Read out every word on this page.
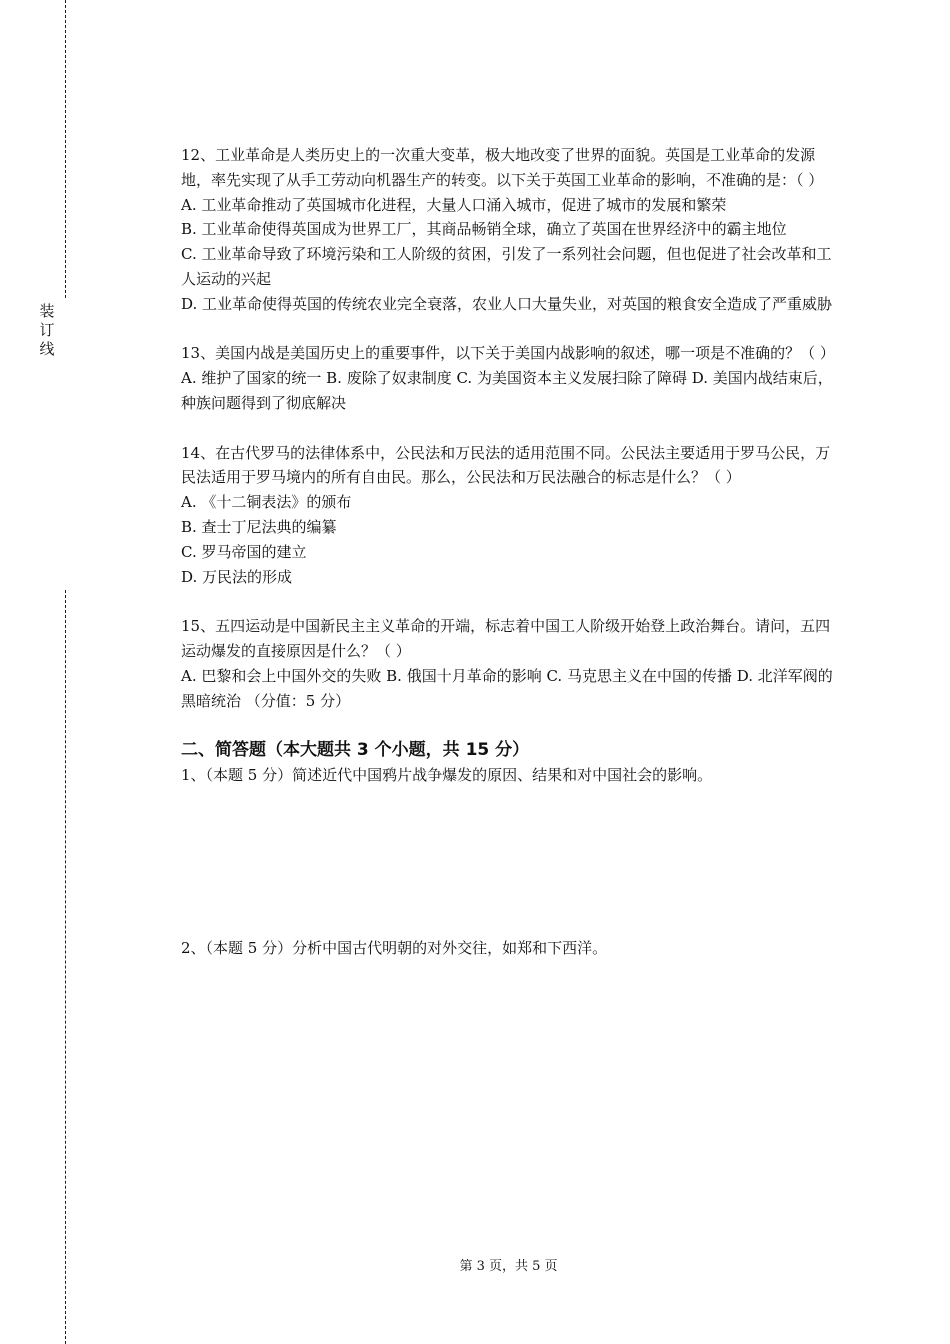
装
订
线

12、工业革命是人类历史上的一次重大变革，极大地改变了世界的面貌。英国是工业革命的发源地，率先实现了从手工劳动向机器生产的转变。以下关于英国工业革命的影响，不准确的是：（ ）

A. 工业革命推动了英国城市化进程，大量人口涌入城市，促进了城市的发展和繁荣

B. 工业革命使得英国成为世界工厂，其商品畅销全球，确立了英国在世界经济中的霸主地位

C. 工业革命导致了环境污染和工人阶级的贫困，引发了一系列社会问题，但也促进了社会改革和工人运动的兴起

D. 工业革命使得英国的传统农业完全衰落，农业人口大量失业，对英国的粮食安全造成了严重威胁

13、美国内战是美国历史上的重要事件，以下关于美国内战影响的叙述，哪一项是不准确的？（ ）

A. 维护了国家的统一 B. 废除了奴隶制度 C. 为美国资本主义发展扫除了障碍 D. 美国内战结束后，种族问题得到了彻底解决

14、在古代罗马的法律体系中，公民法和万民法的适用范围不同。公民法主要适用于罗马公民，万民法适用于罗马境内的所有自由民。那么，公民法和万民法融合的标志是什么？（ ）

A. 《十二铜表法》的颁布

B. 查士丁尼法典的编纂

C. 罗马帝国的建立

D. 万民法的形成

15、五四运动是中国新民主主义革命的开端，标志着中国工人阶级开始登上政治舞台。请问，五四运动爆发的直接原因是什么？（ ）

A. 巴黎和会上中国外交的失败 B. 俄国十月革命的影响 C. 马克思主义在中国的传播 D. 北洋军阀的黑暗统治 （分值：5 分）

二、简答题（本大题共 3 个小题，共 15 分）

1、（本题 5 分）简述近代中国鸦片战争爆发的原因、结果和对中国社会的影响。

2、（本题 5 分）分析中国古代明朝的对外交往，如郑和下西洋。

第 3 页，共 5 页
